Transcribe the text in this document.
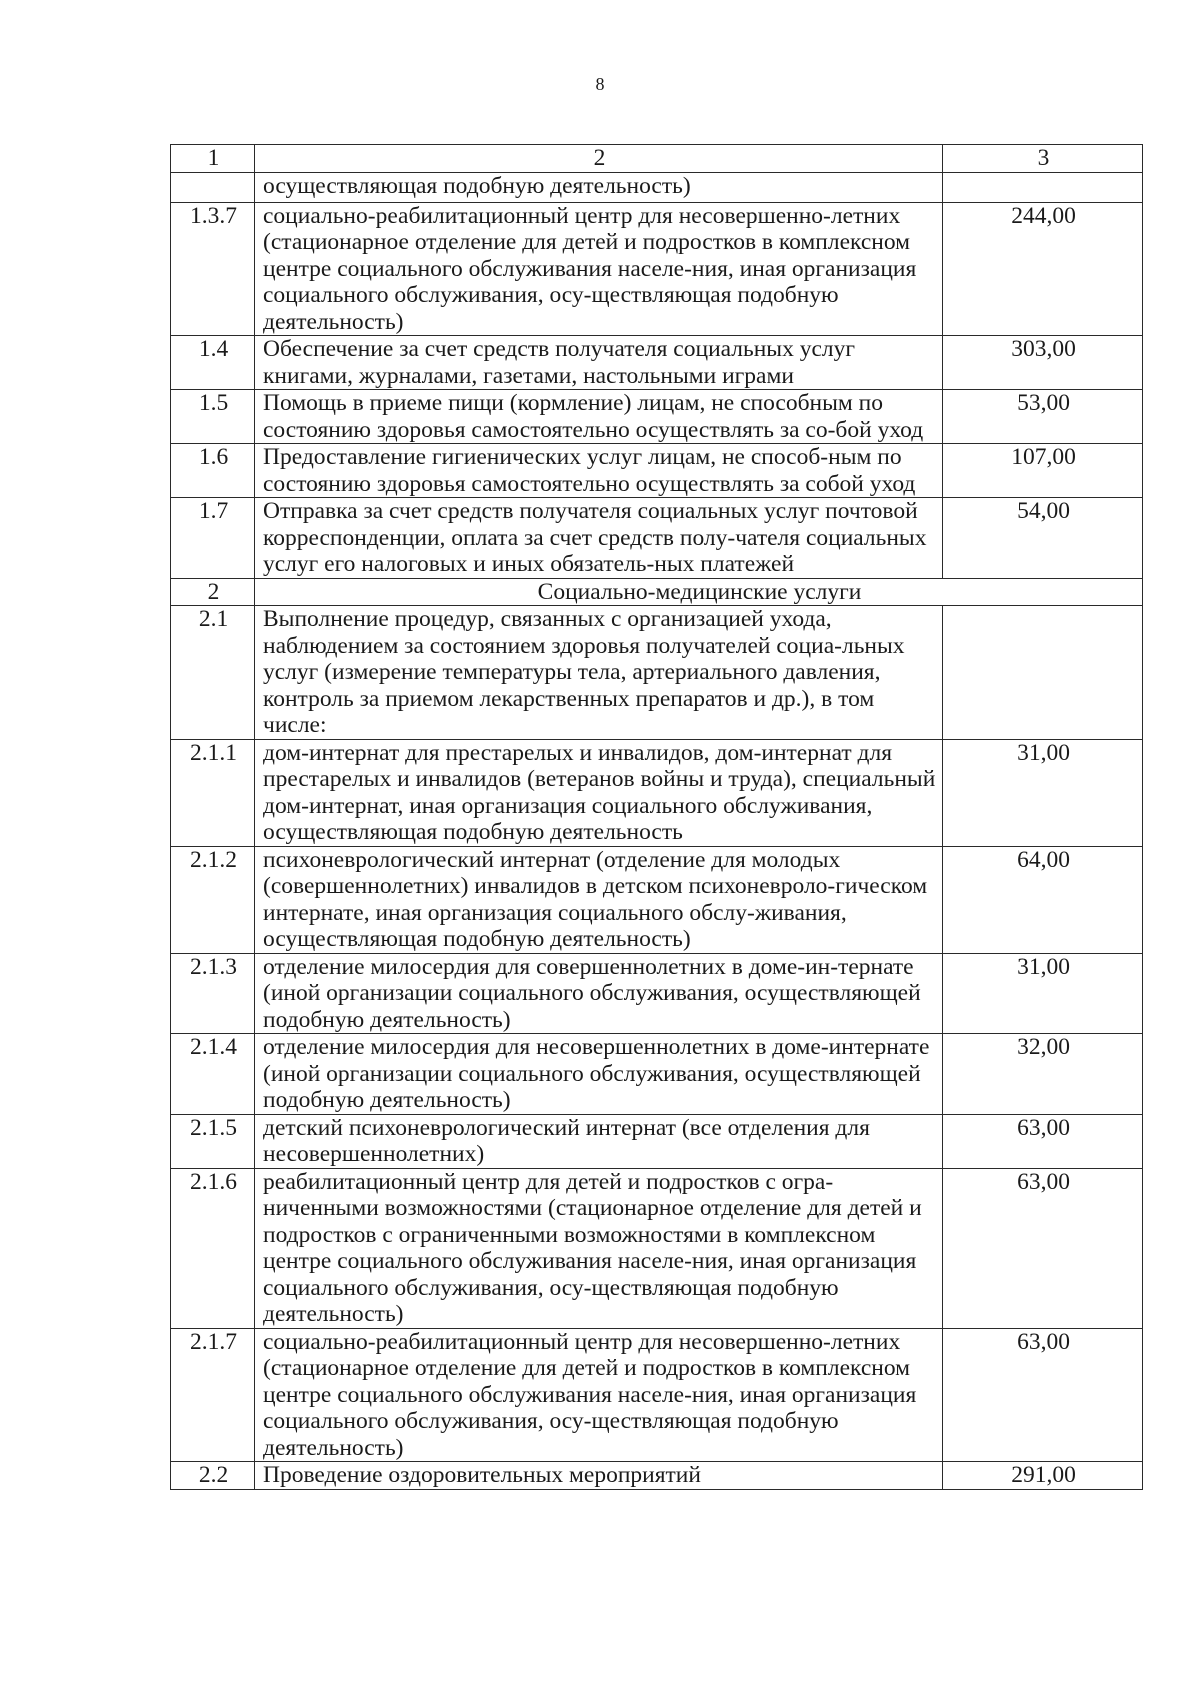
8
1	2	3
	осуществляющая подобную деятельность)	
1.3.7	социально-реабилитационный центр для несовершенно-летних (стационарное отделение для детей и подростков в комплексном центре социального обслуживания населе-ния, иная организация социального обслуживания, осу-ществляющая подобную деятельность)	244,00
1.4	Обеспечение за счет средств получателя социальных услуг книгами, журналами, газетами, настольными играми	303,00
1.5	Помощь в приеме пищи (кормление) лицам, не способным по состоянию здоровья самостоятельно осуществлять за со-бой уход	53,00
1.6	Предоставление гигиенических услуг лицам, не способ-ным по состоянию здоровья самостоятельно осуществлять за собой уход	107,00
1.7	Отправка за счет средств получателя социальных услуг почтовой корреспонденции, оплата за счет средств полу-чателя социальных услуг его налоговых и иных обязатель-ных платежей	54,00
2	Социально-медицинские услуги	
2.1	Выполнение процедур, связанных с организацией ухода, наблюдением за состоянием здоровья получателей социа-льных услуг (измерение температуры тела, артериального давления, контроль за приемом лекарственных препаратов и др.), в том числе:	
2.1.1	дом-интернат для престарелых и инвалидов, дом-интернат для престарелых и инвалидов (ветеранов войны и труда), специальный дом-интернат, иная организация социального обслуживания, осуществляющая подобную деятельность	31,00
2.1.2	психоневрологический интернат (отделение для молодых (совершеннолетних) инвалидов в детском психоневроло-гическом интернате, иная организация социального обслу-живания, осуществляющая подобную деятельность)	64,00
2.1.3	отделение милосердия для совершеннолетних в доме-ин-тернате (иной организации социального обслуживания, осуществляющей подобную деятельность)	31,00
2.1.4	отделение милосердия для несовершеннолетних в доме-интернате (иной организации социального обслуживания, осуществляющей подобную деятельность)	32,00
2.1.5	детский психоневрологический интернат (все отделения для несовершеннолетних)	63,00
2.1.6	реабилитационный центр для детей и подростков с огра-ниченными возможностями (стационарное отделение для детей и подростков с ограниченными возможностями в комплексном центре социального обслуживания населе-ния, иная организация социального обслуживания, осу-ществляющая подобную деятельность)	63,00
2.1.7	социально-реабилитационный центр для несовершенно-летних (стационарное отделение для детей и подростков в комплексном центре социального обслуживания населе-ния, иная организация социального обслуживания, осу-ществляющая подобную деятельность)	63,00
2.2	Проведение оздоровительных мероприятий	291,00
